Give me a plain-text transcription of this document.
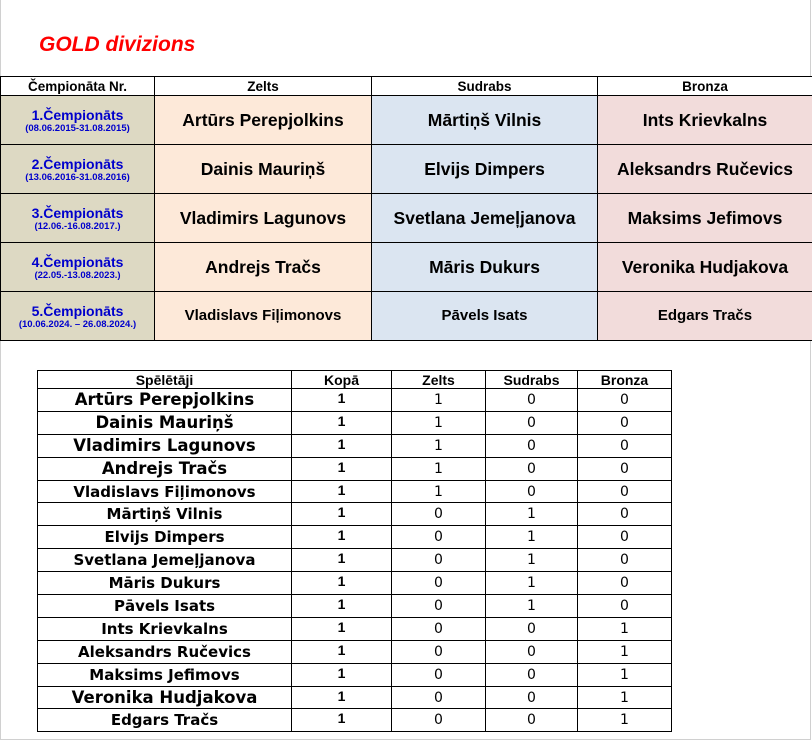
GOLD divizions
Čempionāta Nr.	Zelts	Sudrabs	Bronza

1.Čempionāts
(08.06.2015-31.08.2015)	Artūrs Perepjolkins	Mārtiņš Vilnis	Ints Krievkalns

2.Čempionāts
(13.06.2016-31.08.2016)	Dainis Mauriņš	Elvijs Dimpers	Aleksandrs Ručevics

3.Čempionāts
(12.06.-16.08.2017.)	Vladimirs Lagunovs	Svetlana Jemeļjanova	Maksims Jefimovs

4.Čempionāts
(22.05.-13.08.2023.)	Andrejs Tračs	Māris Dukurs	Veronika Hudjakova

5.Čempionāts
(10.06.2024. – 26.08.2024.)	Vladislavs Fiļimonovs	Pāvels Isats	Edgars Tračs
Spēlētāji	Kopā	Zelts	Sudrabs	Bronza
Artūrs Perepjolkins	1	1	0	0
Dainis Mauriņš	1	1	0	0
Vladimirs Lagunovs	1	1	0	0
Andrejs Tračs	1	1	0	0
Vladislavs Fiļimonovs	1	1	0	0
Mārtiņš Vilnis	1	0	1	0
Elvijs Dimpers	1	0	1	0
Svetlana Jemeļjanova	1	0	1	0
Māris Dukurs	1	0	1	0
Pāvels Isats	1	0	1	0
Ints Krievkalns	1	0	0	1
Aleksandrs Ručevics	1	0	0	1
Maksims Jefimovs	1	0	0	1
Veronika Hudjakova	1	0	0	1
Edgars Tračs	1	0	0	1
